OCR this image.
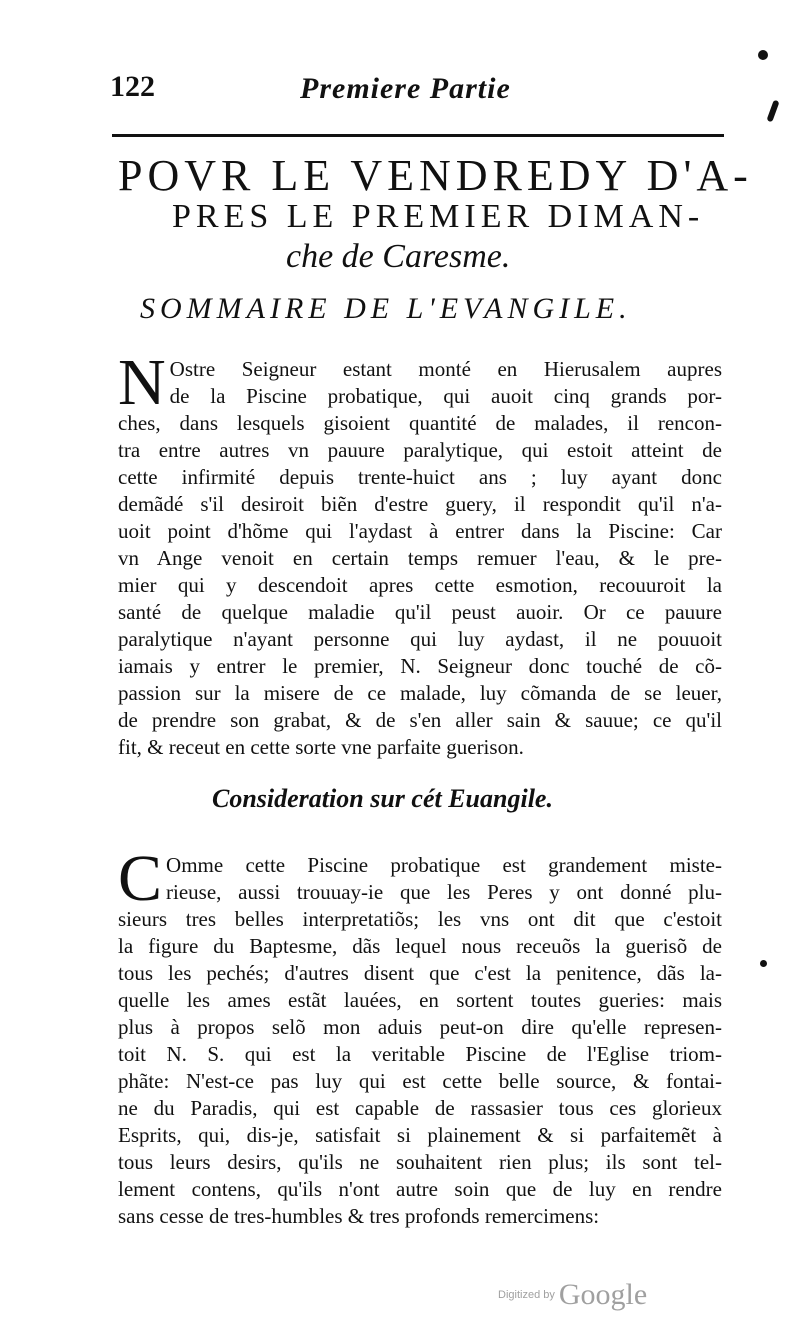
122	Premiere Partie
POVR LE VENDREDY D'A-
PRES LE PREMIER DIMAN-
che de Caresme.
SOMMAIRE DE L'EVANGILE.
N Ostre Seigneur estant monté en Hierusalem aupres
de la Piscine probatique, qui auoit cinq grands por-
ches, dans lesquels gisoient quantité de malades, il rencon-
tra entre autres vn pauure paralytique, qui estoit atteint de
cette infirmité depuis trente-huict ans ; luy ayant donc
demãdé s'il desiroit biẽn d'estre guery, il respondit qu'il n'a-
uoit point d'hõme qui l'aydast à entrer dans la Piscine: Car
vn Ange venoit en certain temps remuer l'eau, & le pre-
mier qui y descendoit apres cette esmotion, recouuroit la
santé de quelque maladie qu'il peust auoir. Or ce pauure
paralytique n'ayant personne qui luy aydast, il ne pouuoit
iamais y entrer le premier, N. Seigneur donc touché de cõ-
passion sur la misere de ce malade, luy cõmanda de se leuer,
de prendre son grabat, & de s'en aller sain & sauue; ce qu'il
fit, & receut en cette sorte vne parfaite guerison.
Consideration sur cét Euangile.
C Omme cette Piscine probatique est grandement miste-
rieuse, aussi trouuay-ie que les Peres y ont donné plu-
sieurs tres belles interpretatiõs; les vns ont dit que c'estoit
la figure du Baptesme, dãs lequel nous receuõs la guerisõ de
tous les pechés; d'autres disent que c'est la penitence, dãs la-
quelle les ames estãt lauées, en sortent toutes gueries: mais
plus à propos selõ mon aduis peut-on dire qu'elle represen-
toit N. S. qui est la veritable Piscine de l'Eglise triom-
phãte: N'est-ce pas luy qui est cette belle source, & fontai-
ne du Paradis, qui est capable de rassasier tous ces glorieux
Esprits, qui, dis-je, satisfait si plainement & si parfaitemẽt à
tous leurs desirs, qu'ils ne souhaitent rien plus; ils sont tel-
lement contens, qu'ils n'ont autre soin que de luy en rendre
sans cesse de tres-humbles & tres profonds remercimens:
Digitized by Google
